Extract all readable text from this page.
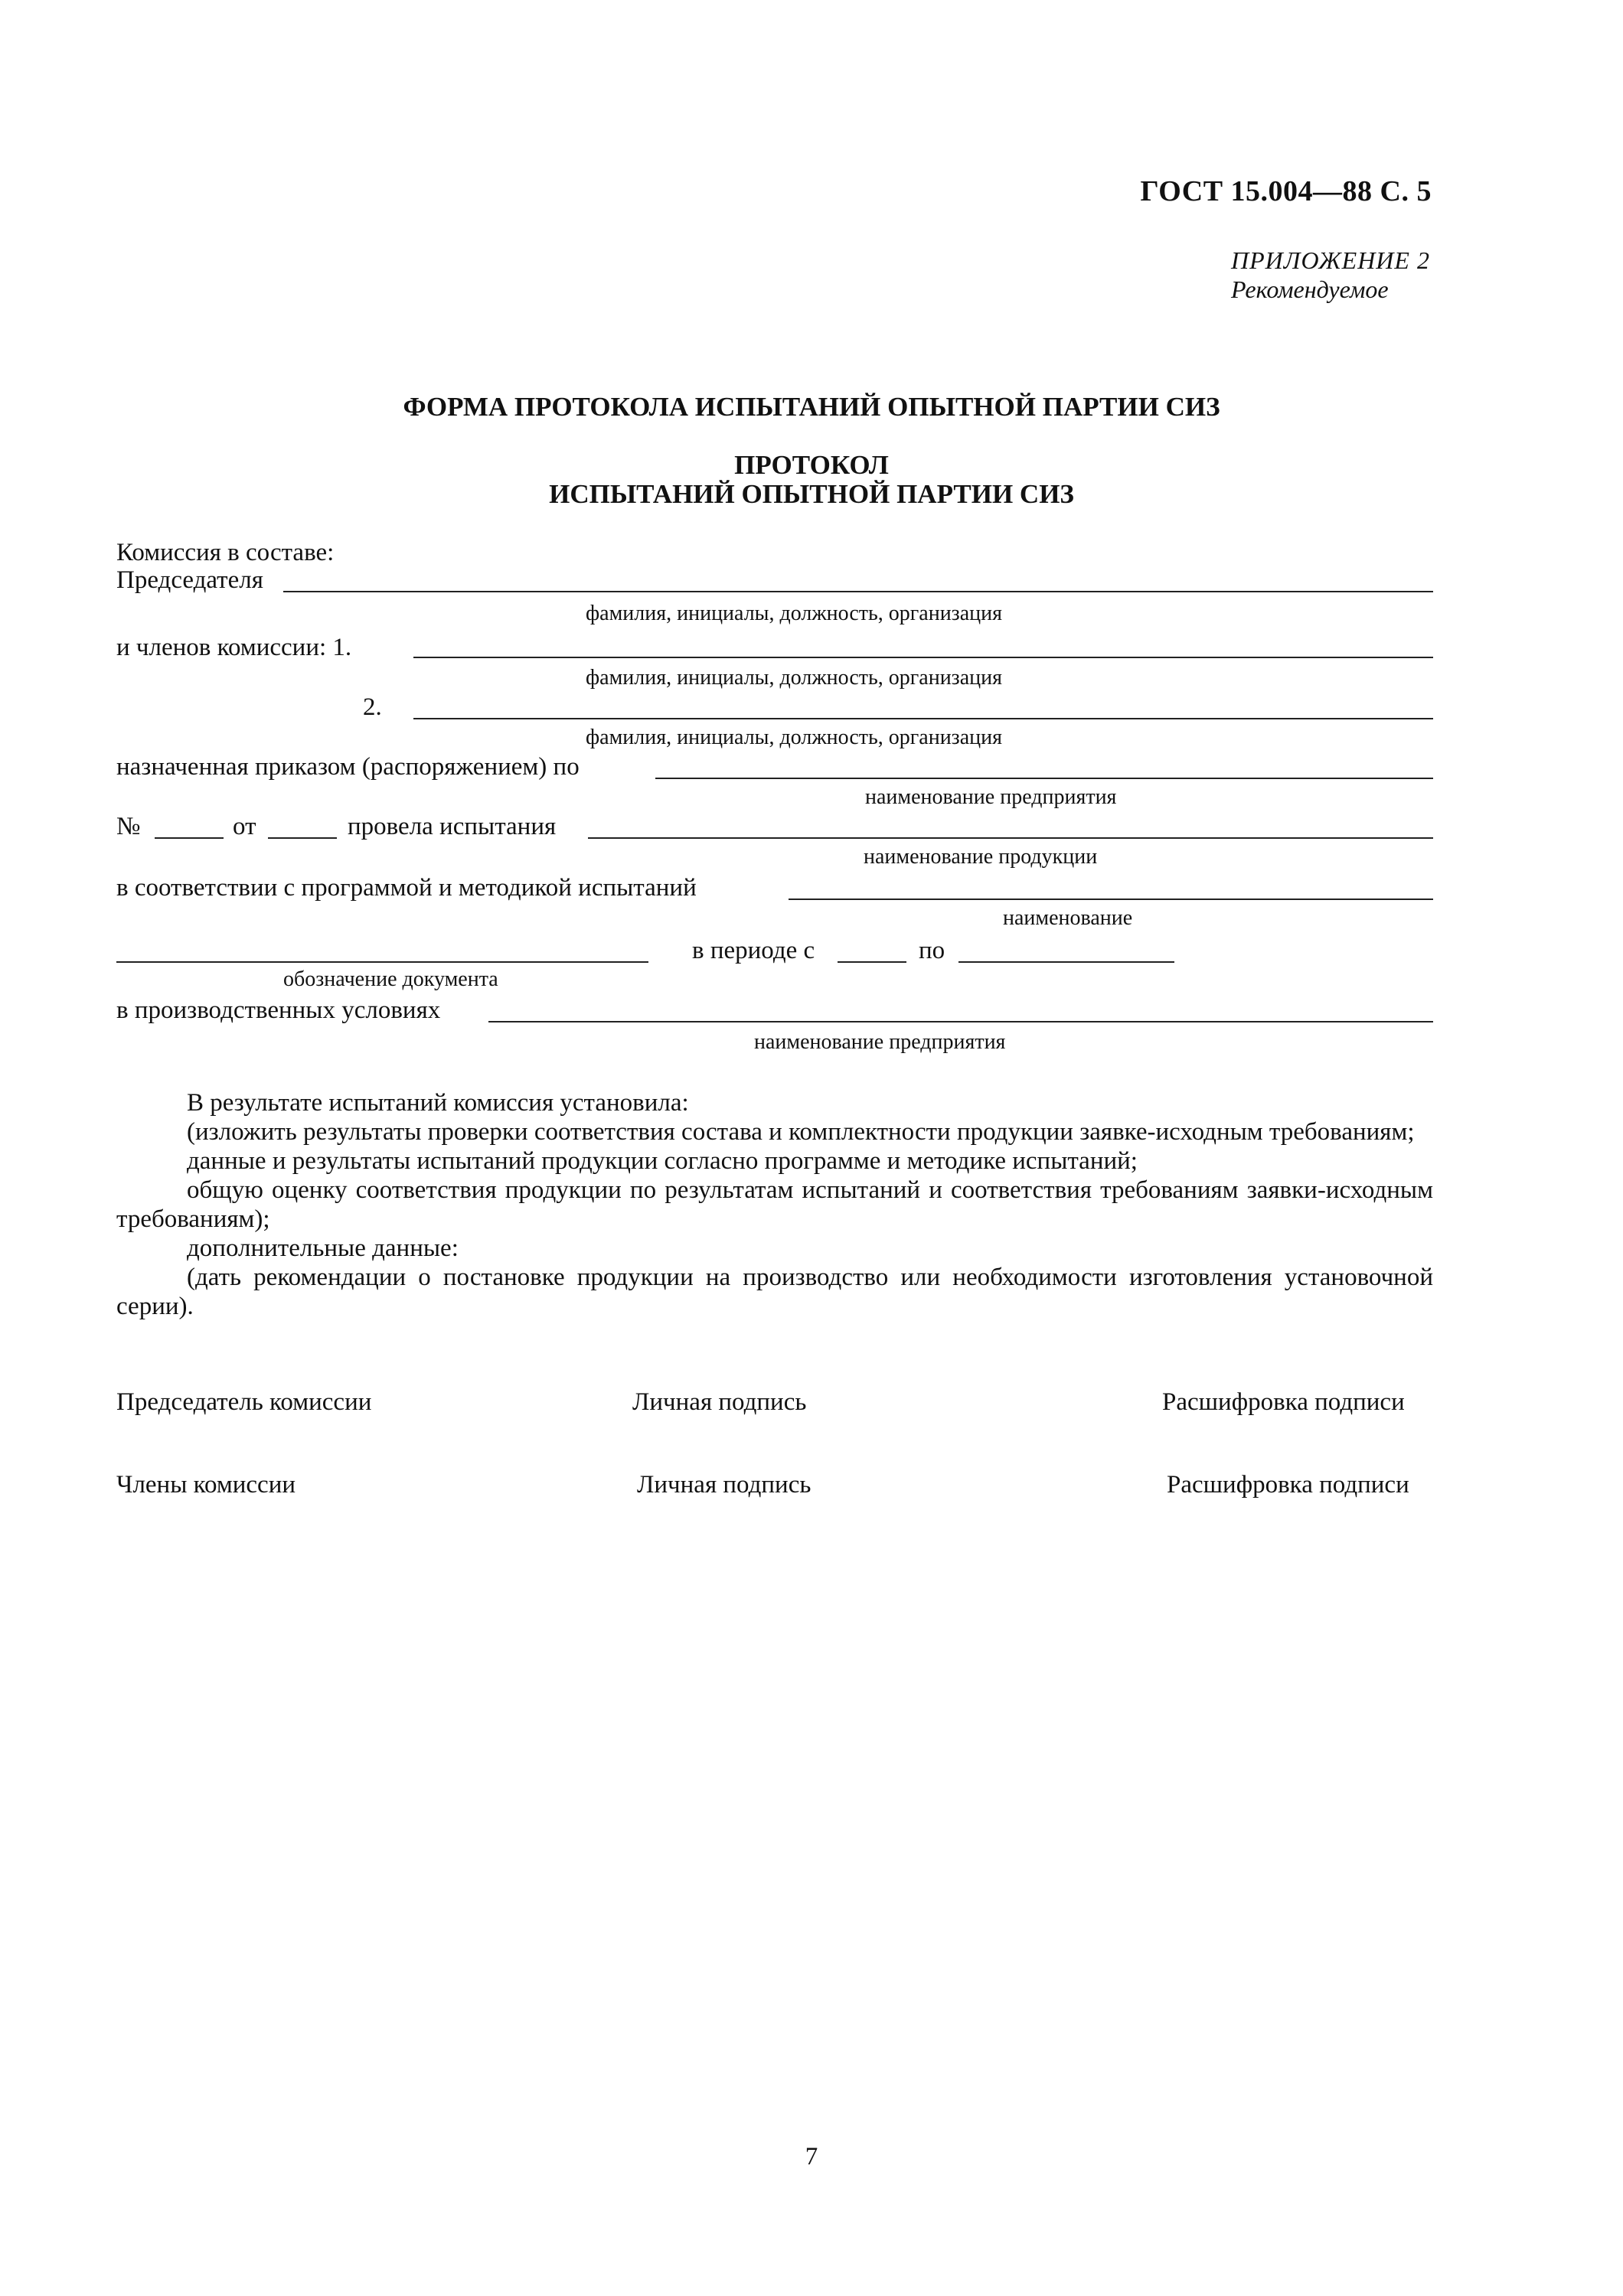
ГОСТ 15.004—88 С. 5
ПРИЛОЖЕНИЕ 2
Рекомендуемое
ФОРМА ПРОТОКОЛА ИСПЫТАНИЙ ОПЫТНОЙ ПАРТИИ СИЗ
ПРОТОКОЛ
ИСПЫТАНИЙ ОПЫТНОЙ ПАРТИИ СИЗ
Комиссия в составе:
Председателя
фамилия, инициалы, должность, организация
и членов комиссии: 1.
фамилия, инициалы, должность, организация
2.
фамилия, инициалы, должность, организация
назначенная приказом (распоряжением) по
наименование предприятия
№	от	провела испытания
наименование продукции
в соответствии с программой и методикой испытаний
наименование
в периоде с	по
обозначение документа
в производственных условиях
наименование предприятия

В результате испытаний комиссия установила:

(изложить результаты проверки соответствия состава и комплектности продукции заявке-исходным требованиям;

данные и результаты испытаний продукции согласно программе и методике испытаний;

общую оценку соответствия продукции по результатам испытаний и соответствия требованиям заявки-исходным требованиям);

дополнительные данные:

(дать рекомендации о постановке продукции на производство или необходимости изготовления установочной серии).

Председатель комиссии	Личная подпись	Расшифровка подписи
Члены комиссии	Личная подпись	Расшифровка подписи
7
